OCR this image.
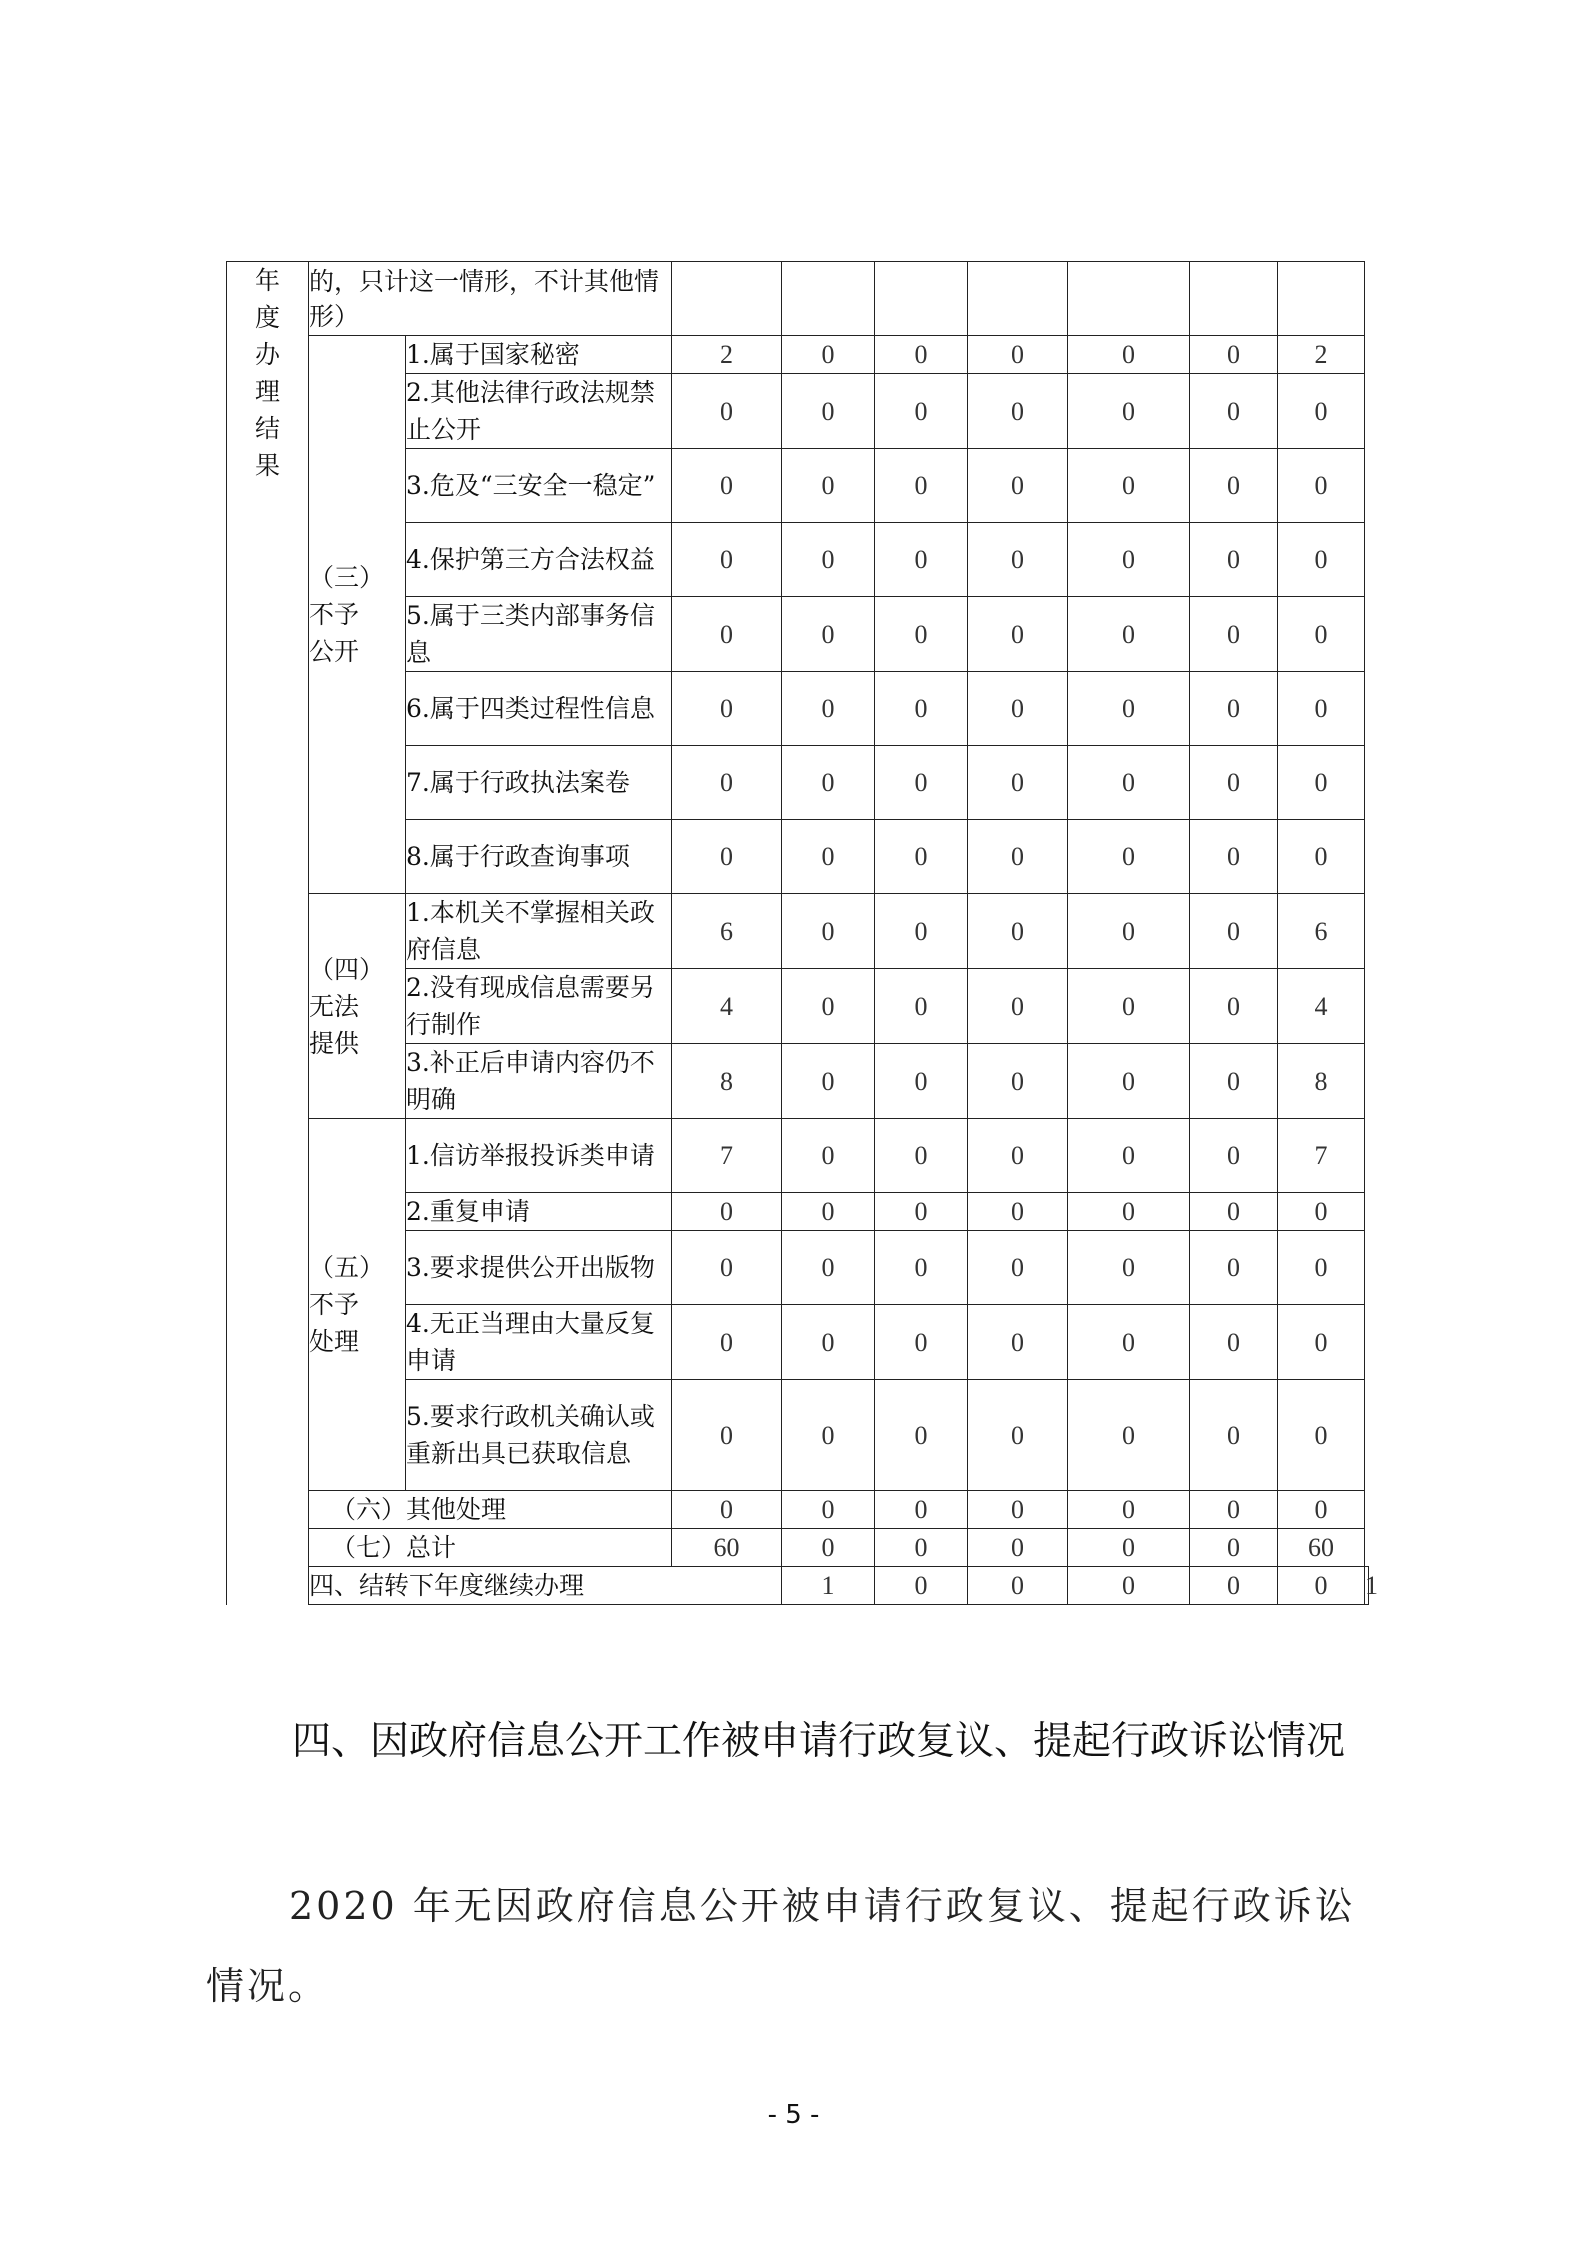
年度办理结果	的，只计这一情形，不计其他情形）									

	（三）不予公开	1.属于国家秘密	2	0	0	0	0	0	2	
		2.其他法律行政法规禁止公开	0	0	0	0	0	0	0	
		3.危及“三安全一稳定”	0	0	0	0	0	0	0	
		4.保护第三方合法权益	0	0	0	0	0	0	0	
		5.属于三类内部事务信息	0	0	0	0	0	0	0	
		6.属于四类过程性信息	0	0	0	0	0	0	0	
		7.属于行政执法案卷	0	0	0	0	0	0	0	
		8.属于行政查询事项	0	0	0	0	0	0	0	

	（四）无法提供	1.本机关不掌握相关政府信息	6	0	0	0	0	0	6	
		2.没有现成信息需要另行制作	4	0	0	0	0	0	4	
		3.补正后申请内容仍不明确	8	0	0	0	0	0	8	

	（五）不予处理	1.信访举报投诉类申请	7	0	0	0	0	0	7	
		2.重复申请	0	0	0	0	0	0	0	
		3.要求提供公开出版物	0	0	0	0	0	0	0	
		4.无正当理由大量反复申请	0	0	0	0	0	0	0	
		5.要求行政机关确认或重新出具已获取信息	0	0	0	0	0	0	0	
	（六）其他处理		0	0	0	0	0	0	0	
	（七）总计		60	0	0	0	0	0	60	
	四、结转下年度继续办理			1	0	0	0	0	0	1
四、因政府信息公开工作被申请行政复议、提起行政诉讼情况
2020 年无因政府信息公开被申请行政复议、提起行政诉讼情况。
- 5 -
